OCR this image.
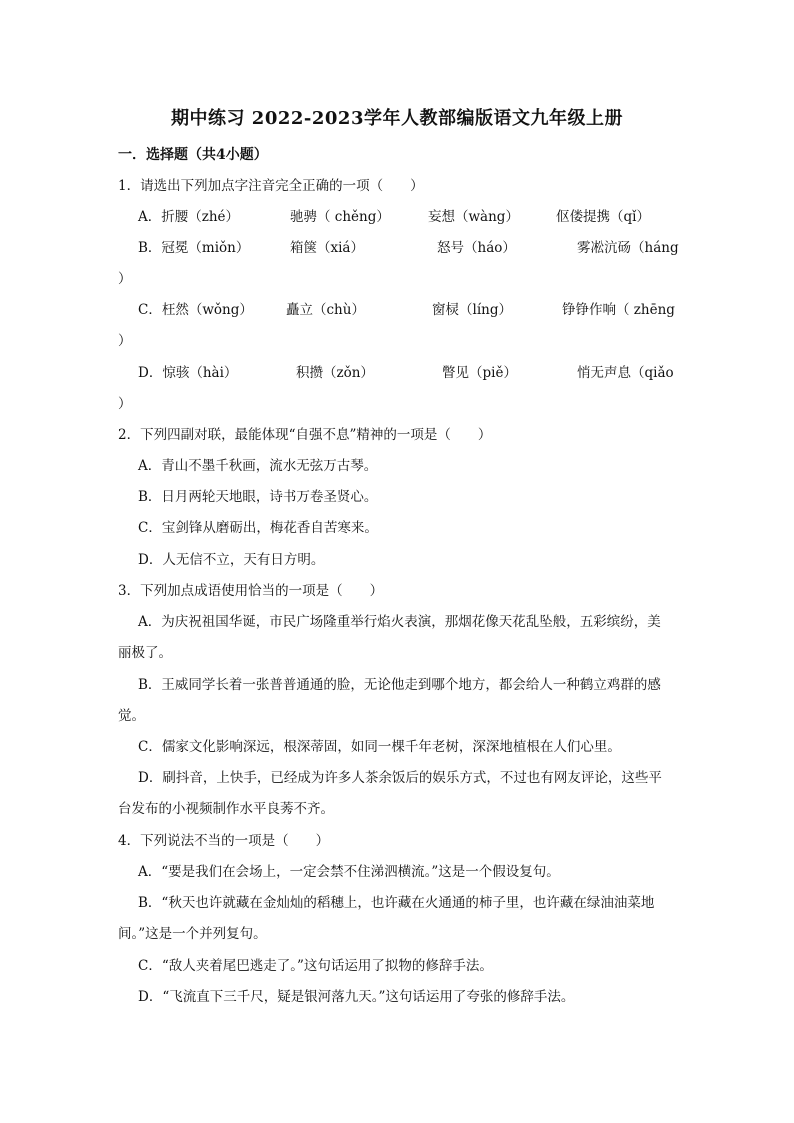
期中练习 2022-2023学年人教部编版语文九年级上册
一．选择题（共4小题）
1．请选出下列加点字注音完全正确的一项（　　）
A．折腰（zhé）	驰骋（ chěng）	妄想（wàng）	伛偻提携（qǐ）
B．冠冕（miǒn）	箱箧（xiá）	怒号（háo）	雾凇沆砀（háng
）
C．枉然（wǒng） 矗立（chù）	窗棂（líng）	铮铮作响（ zhēng
）
D．惊骇（hài）	积攒（zǒn）	瞥见（piě）	悄无声息（qiǎo
）
2．下列四副对联，最能体现“自强不息”精神的一项是（　　）
A．青山不墨千秋画，流水无弦万古琴。
B．日月两轮天地眼，诗书万卷圣贤心。
C．宝剑锋从磨砺出，梅花香自苦寒来。
D．人无信不立，天有日方明。
3．下列加点成语使用恰当的一项是（　　）
A．为庆祝祖国华诞，市民广场隆重举行焰火表演，那烟花像天花乱坠般，五彩缤纷，美
丽极了。
B．王威同学长着一张普普通通的脸，无论他走到哪个地方，都会给人一种鹤立鸡群的感
觉。
C．儒家文化影响深远，根深蒂固，如同一棵千年老树，深深地植根在人们心里。
D．刷抖音，上快手，已经成为许多人茶余饭后的娱乐方式，不过也有网友评论，这些平
台发布的小视频制作水平良莠不齐。
4．下列说法不当的一项是（　　）
A．“要是我们在会场上，一定会禁不住涕泗横流。”这是一个假设复句。
B．“秋天也许就藏在金灿灿的稻穗上，也许藏在火通通的柿子里，也许藏在绿油油菜地
间。”这是一个并列复句。
C．“敌人夹着尾巴逃走了。”这句话运用了拟物的修辞手法。
D．“飞流直下三千尺，疑是银河落九天。”这句话运用了夸张的修辞手法。
